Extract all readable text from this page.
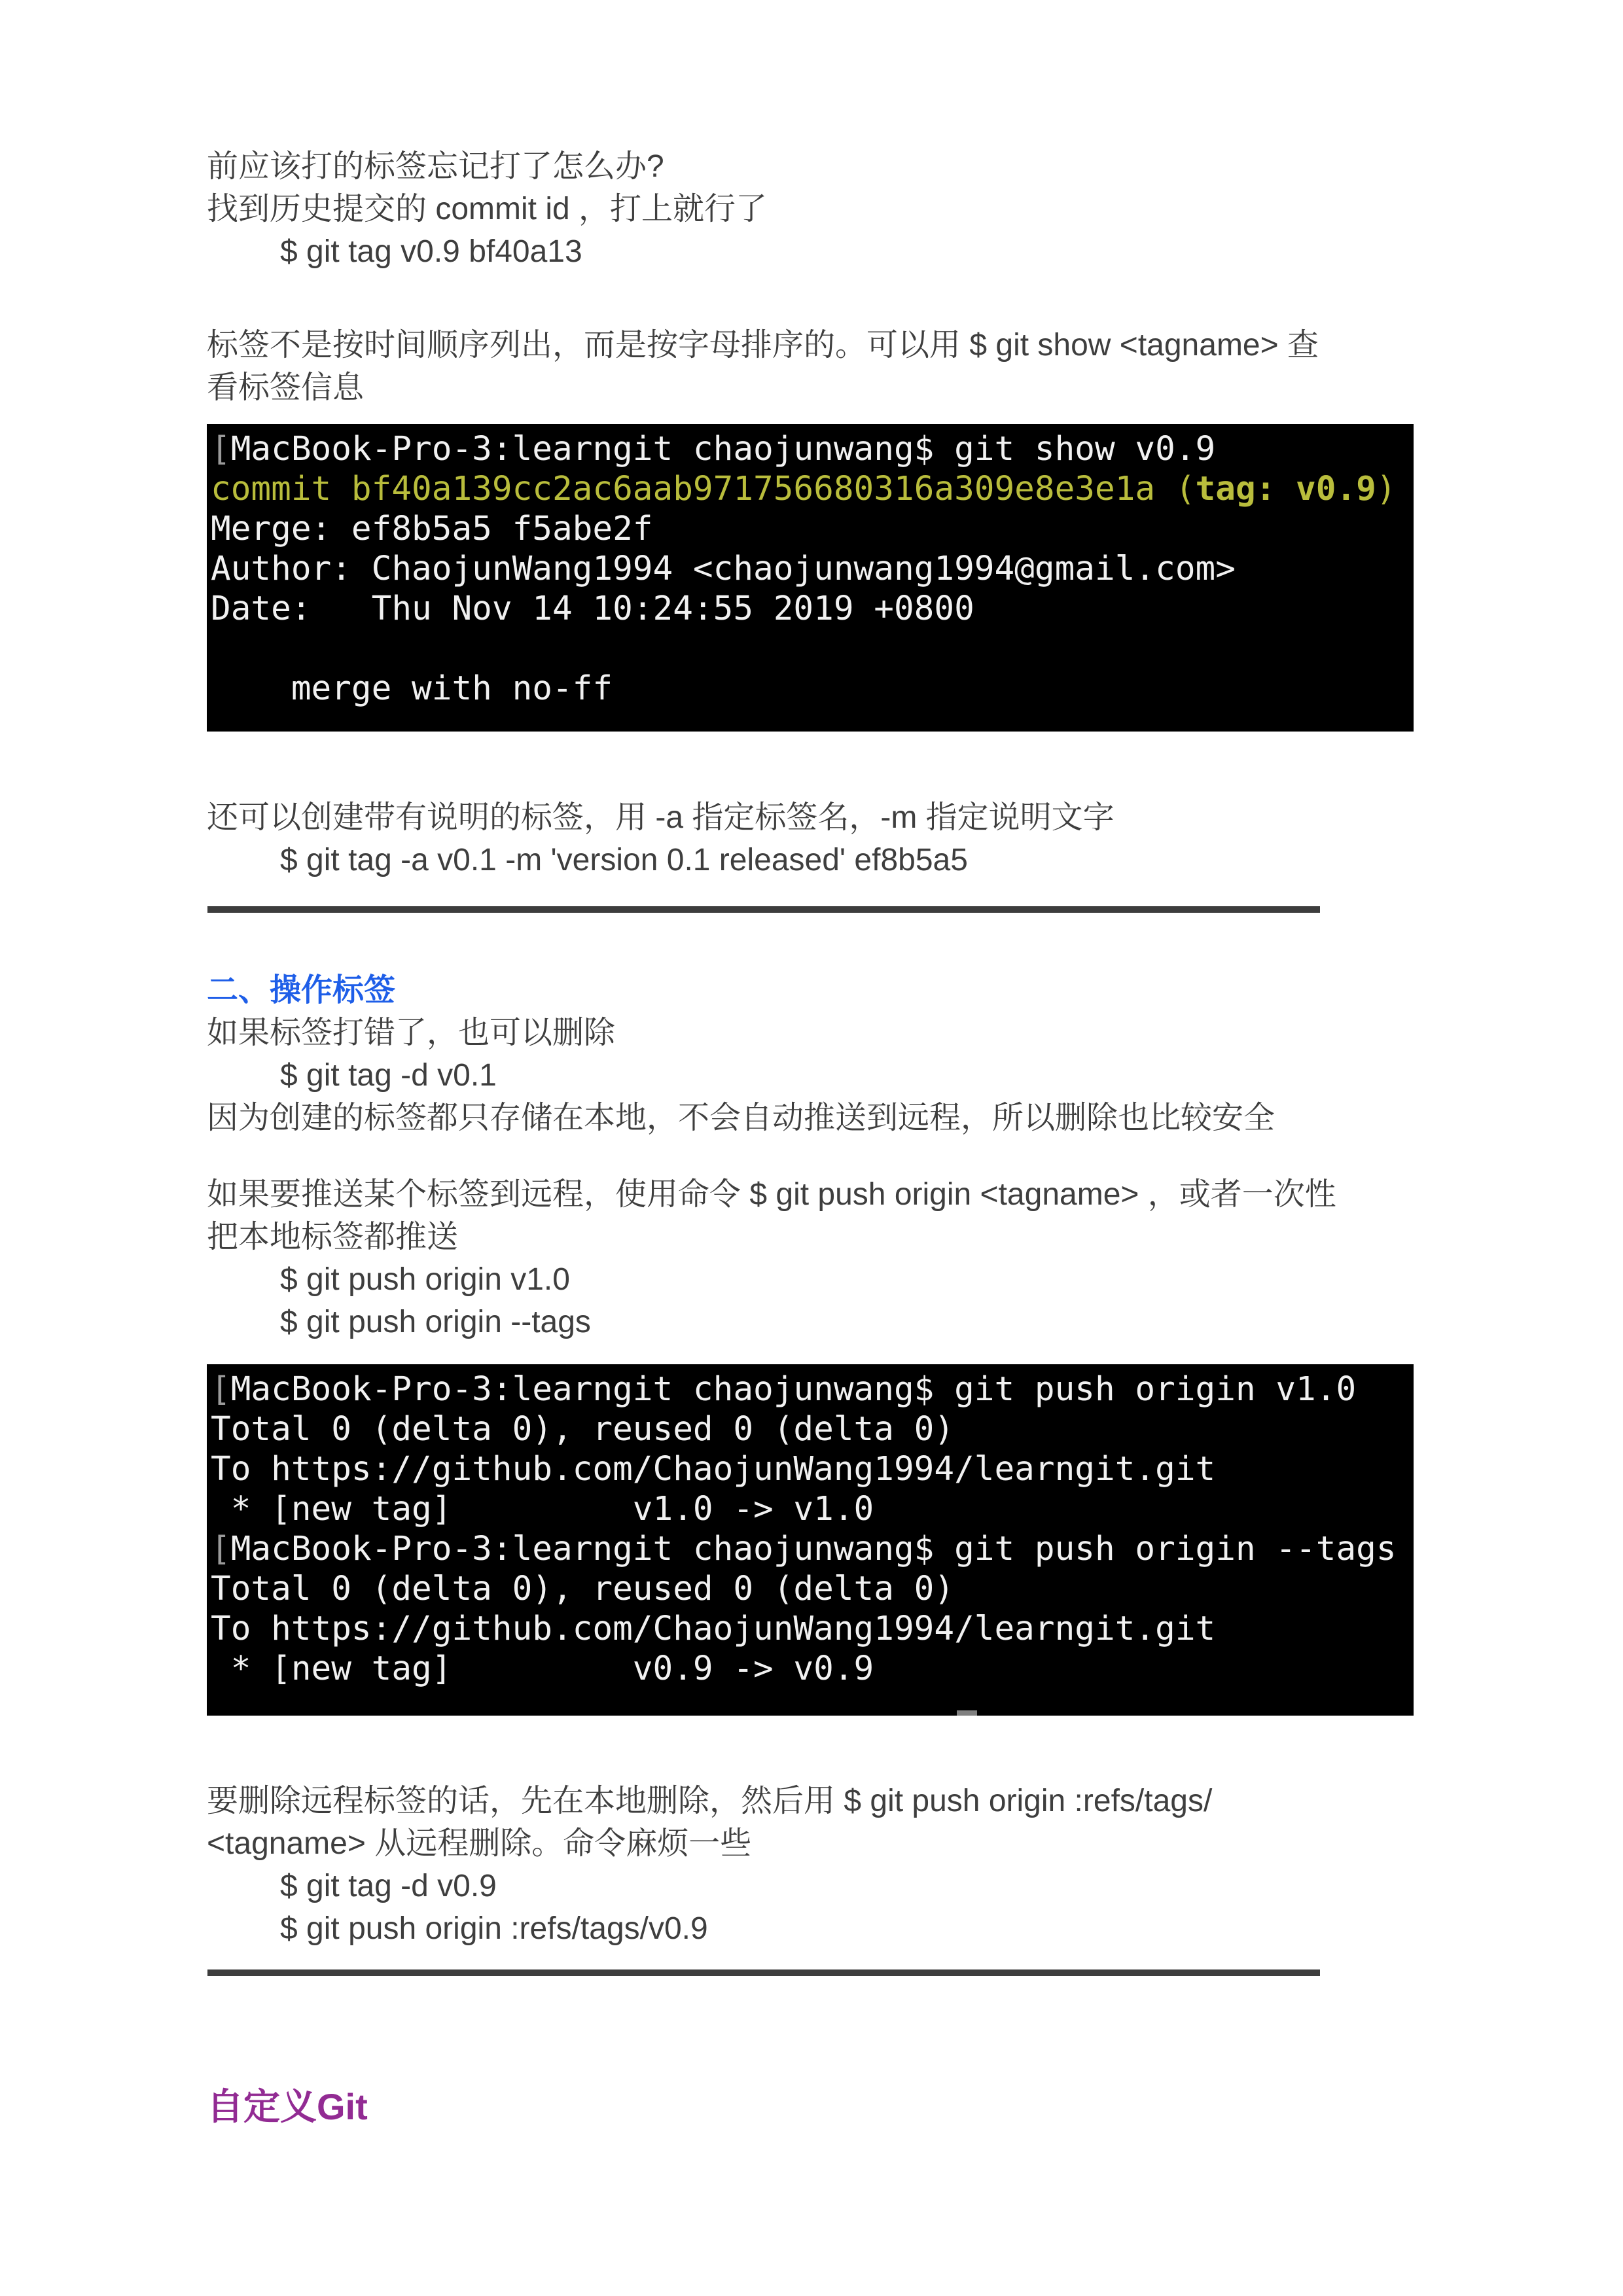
前应该打的标签忘记打了怎么办?
找到历史提交的 commit id ，打上就行了
$ git tag v0.9 bf40a13
标签不是按时间顺序列出，而是按字母排序的。可以用 $ git show <tagname> 查
看标签信息
[MacBook-Pro-3:learngit chaojunwang$ git show v0.9
commit bf40a139cc2ac6aab971756680316a309e8e3e1a (tag: v0.9)
Merge: ef8b5a5 f5abe2f
Author: ChaojunWang1994 <chaojunwang1994@gmail.com>
Date:   Thu Nov 14 10:24:55 2019 +0800

merge with no-ff
还可以创建带有说明的标签，用 -a 指定标签名，-m 指定说明文字
$ git tag -a v0.1 -m 'version 0.1 released' ef8b5a5
二、操作标签
如果标签打错了，也可以删除
$ git tag -d v0.1
因为创建的标签都只存储在本地，不会自动推送到远程，所以删除也比较安全
如果要推送某个标签到远程，使用命令 $ git push origin <tagname> ，或者一次性
把本地标签都推送
$ git push origin v1.0
$ git push origin --tags
[MacBook-Pro-3:learngit chaojunwang$ git push origin v1.0
Total 0 (delta 0), reused 0 (delta 0)
To https://github.com/ChaojunWang1994/learngit.git
* [new tag]         v1.0 -> v1.0
[MacBook-Pro-3:learngit chaojunwang$ git push origin --tags
Total 0 (delta 0), reused 0 (delta 0)
To https://github.com/ChaojunWang1994/learngit.git
* [new tag]         v0.9 -> v0.9
要删除远程标签的话，先在本地删除，然后用 $ git push origin :refs/tags/
<tagname> 从远程删除。命令麻烦一些
$ git tag -d v0.9
$ git push origin :refs/tags/v0.9
自定义Git
